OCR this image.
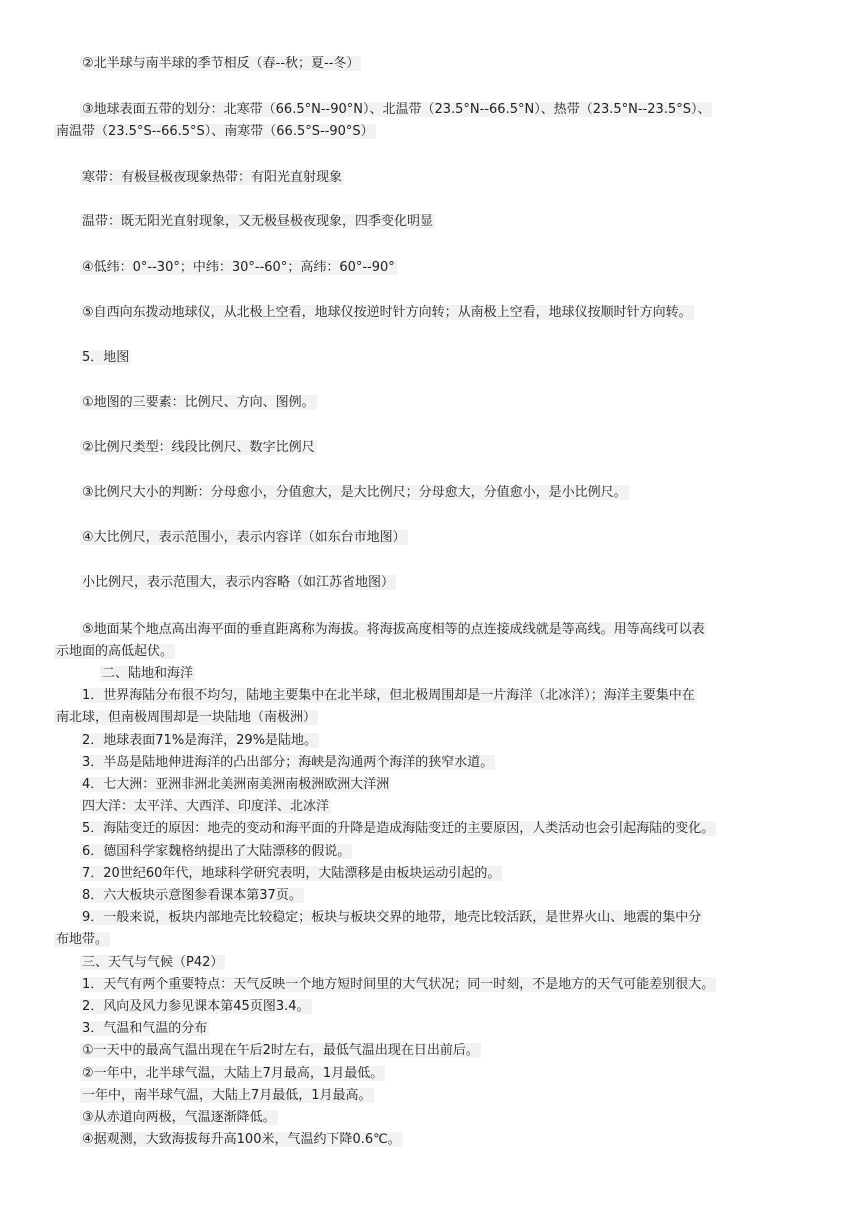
②北半球与南半球的季节相反（春--秋；夏--冬）
③地球表面五带的划分：北寒带（66.5°N--90°N）、北温带（23.5°N--66.5°N）、热带（23.5°N--23.5°S）、
南温带（23.5°S--66.5°S）、南寒带（66.5°S--90°S）
寒带：有极昼极夜现象热带：有阳光直射现象
温带：既无阳光直射现象，又无极昼极夜现象，四季变化明显
④低纬：0°--30°；中纬：30°--60°；高纬：60°--90°
⑤自西向东拨动地球仪，从北极上空看，地球仪按逆时针方向转；从南极上空看，地球仪按顺时针方向转。
5．地图
①地图的三要素：比例尺、方向、图例。
②比例尺类型：线段比例尺、数字比例尺
③比例尺大小的判断：分母愈小，分值愈大，是大比例尺；分母愈大，分值愈小，是小比例尺。
④大比例尺，表示范围小，表示内容详（如东台市地图）
小比例尺，表示范围大，表示内容略（如江苏省地图）
⑤地面某个地点高出海平面的垂直距离称为海拔。将海拔高度相等的点连接成线就是等高线。用等高线可以表
示地面的高低起伏。
二、陆地和海洋
1．世界海陆分布很不均匀，陆地主要集中在北半球，但北极周围却是一片海洋（北冰洋）；海洋主要集中在
南北球，但南极周围却是一块陆地（南极洲）
2．地球表面71%是海洋，29%是陆地。
3．半岛是陆地伸进海洋的凸出部分；海峡是沟通两个海洋的狭窄水道。
4．七大洲：亚洲非洲北美洲南美洲南极洲欧洲大洋洲
四大洋：太平洋、大西洋、印度洋、北冰洋
5．海陆变迁的原因：地壳的变动和海平面的升降是造成海陆变迁的主要原因，人类活动也会引起海陆的变化。
6．德国科学家魏格纳提出了大陆漂移的假说。
7．20世纪60年代，地球科学研究表明，大陆漂移是由板块运动引起的。
8．六大板块示意图参看课本第37页。
9．一般来说，板块内部地壳比较稳定；板块与板块交界的地带，地壳比较活跃，是世界火山、地震的集中分
布地带。
三、天气与气候（P42）
1．天气有两个重要特点：天气反映一个地方短时间里的大气状况；同一时刻，不是地方的天气可能差别很大。
2．风向及风力参见课本第45页图3.4。
3．气温和气温的分布
①一天中的最高气温出现在午后2时左右，最低气温出现在日出前后。
②一年中，北半球气温，大陆上7月最高，1月最低。
一年中，南半球气温，大陆上7月最低，1月最高。
③从赤道向两极，气温逐渐降低。
④据观测，大致海拔每升高100米，气温约下降0.6℃。
